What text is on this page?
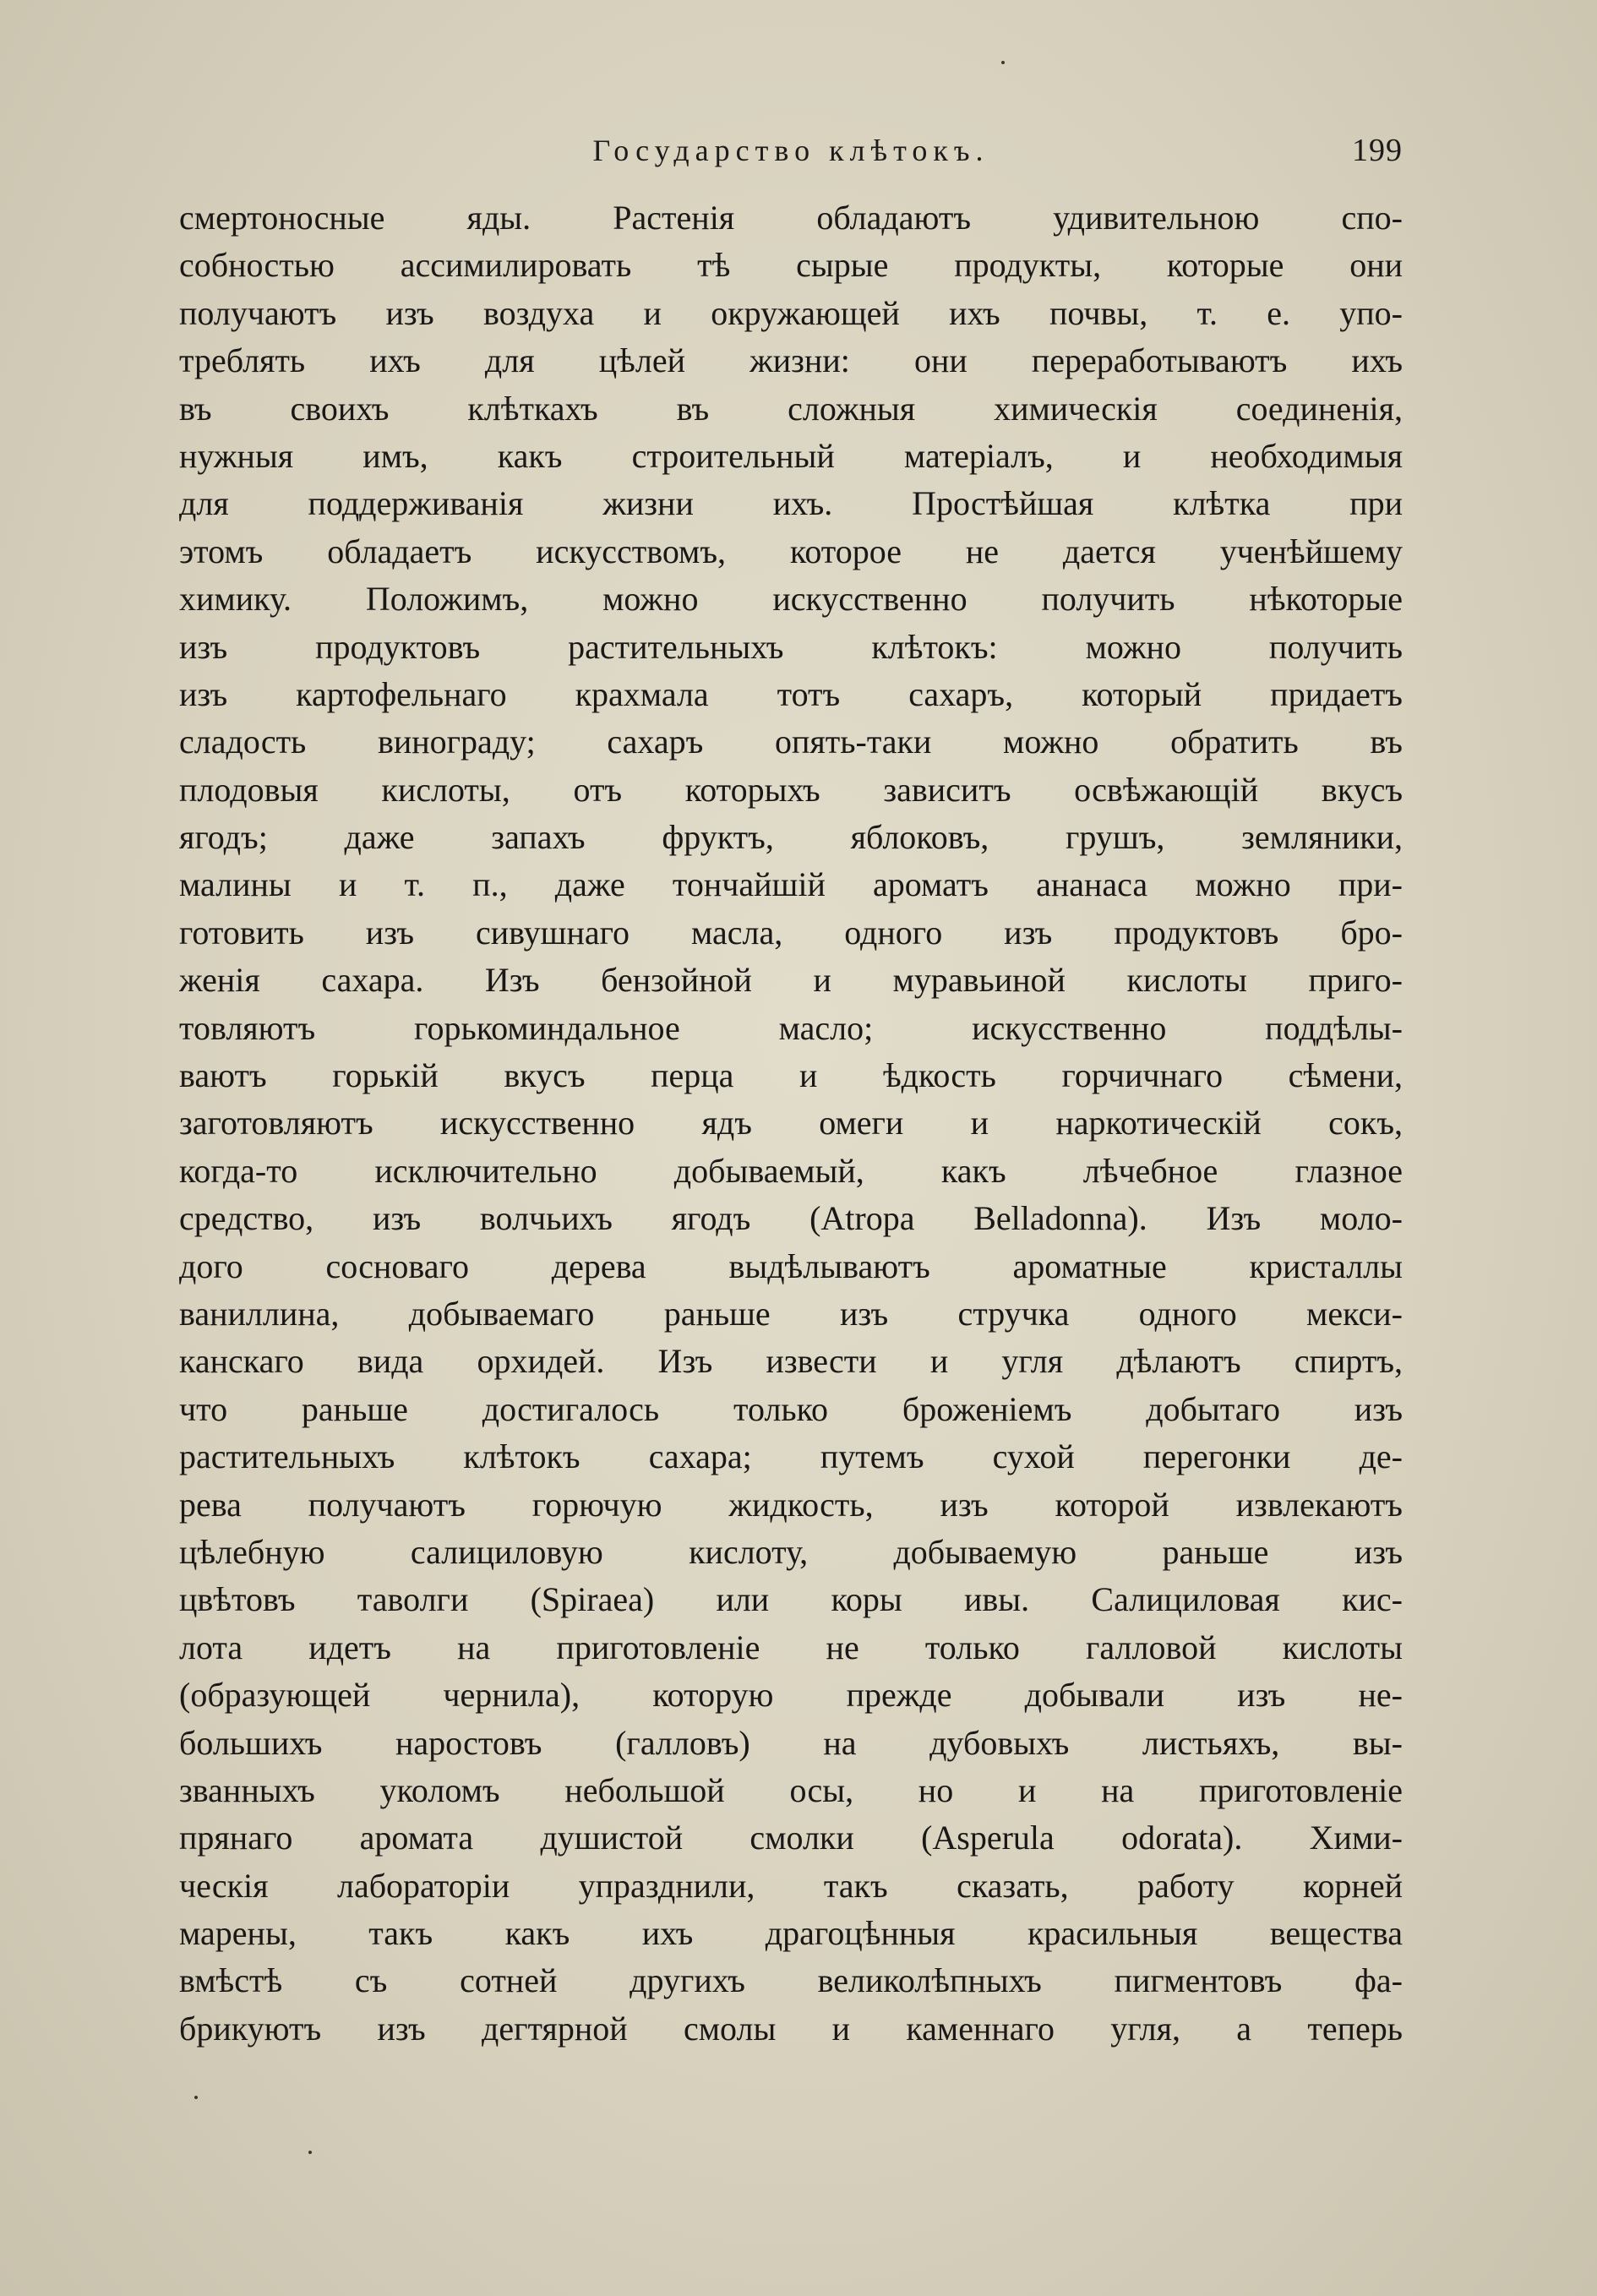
Государство клѣтокъ.	199
смертоносные яды. Растенія обладаютъ удивительною спо-
собностью ассимилировать тѣ сырые продукты, которые они
получаютъ изъ воздуха и окружающей ихъ почвы, т. е. упо-
треблять ихъ для цѣлей жизни: они переработываютъ ихъ
въ своихъ клѣткахъ въ сложныя химическія соединенія,
нужныя имъ, какъ строительный матеріалъ, и необходимыя
для поддерживанія жизни ихъ. Простѣйшая клѣтка при
этомъ обладаетъ искусствомъ, которое не дается ученѣйшему
химику. Положимъ, можно искусственно получить нѣкоторые
изъ продуктовъ растительныхъ клѣтокъ: можно получить
изъ картофельнаго крахмала тотъ сахаръ, который придаетъ
сладость винограду; сахаръ опять-таки можно обратить въ
плодовыя кислоты, отъ которыхъ зависитъ освѣжающій вкусъ
ягодъ; даже запахъ фруктъ, яблоковъ, грушъ, земляники,
малины и т. п., даже тончайшій ароматъ ананаса можно при-
готовить изъ сивушнаго масла, одного изъ продуктовъ бро-
женія сахара. Изъ бензойной и муравьиной кислоты приго-
товляютъ горькоминдальное масло; искусственно поддѣлы-
ваютъ горькій вкусъ перца и ѣдкость горчичнаго сѣмени,
заготовляютъ искусственно ядъ омеги и наркотическій сокъ,
когда-то исключительно добываемый, какъ лѣчебное глазное
средство, изъ волчьихъ ягодъ (Atropa Belladonna). Изъ моло-
дого сосноваго дерева выдѣлываютъ ароматные кристаллы
ваниллина, добываемаго раньше изъ стручка одного мекси-
канскаго вида орхидей. Изъ извести и угля дѣлаютъ спиртъ,
что раньше достигалось только броженіемъ добытаго изъ
растительныхъ клѣтокъ сахара; путемъ сухой перегонки де-
рева получаютъ горючую жидкость, изъ которой извлекаютъ
цѣлебную салициловую кислоту, добываемую раньше изъ
цвѣтовъ таволги (Spiraea) или коры ивы. Салициловая кис-
лота идетъ на приготовленіе не только галловой кислоты
(образующей чернила), которую прежде добывали изъ не-
большихъ наростовъ (галловъ) на дубовыхъ листьяхъ, вы-
званныхъ уколомъ небольшой осы, но и на приготовленіе
прянаго аромата душистой смолки (Asperula odorata). Хими-
ческія лабораторіи упразднили, такъ сказать, работу корней
марены, такъ какъ ихъ драгоцѣнныя красильныя вещества
вмѣстѣ съ сотней другихъ великолѣпныхъ пигментовъ фа-
брикуютъ изъ дегтярной смолы и каменнаго угля, а теперь
